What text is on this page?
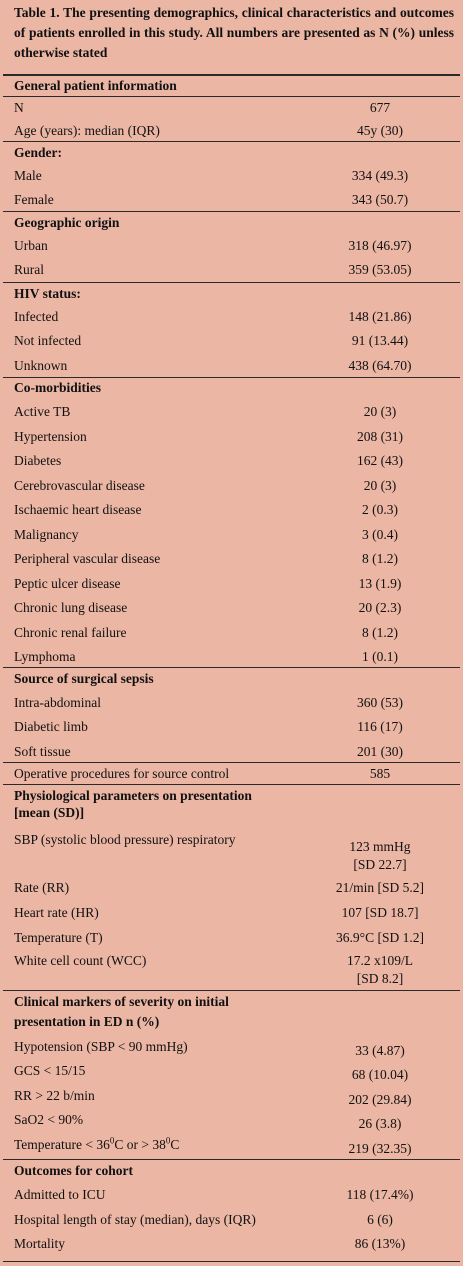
Table 1. The presenting demographics, clinical characteristics and outcomes of patients enrolled in this study. All numbers are presented as N (%) unless otherwise stated
General patient information
N	677
Age (years): median (IQR)	45y (30)
Gender:
Male	334 (49.3)
Female	343 (50.7)
Geographic origin
Urban	318 (46.97)
Rural	359 (53.05)
HIV status:
Infected	148 (21.86)
Not infected	91 (13.44)
Unknown	438 (64.70)
Co-morbidities
Active TB	20 (3)
Hypertension	208 (31)
Diabetes	162 (43)
Cerebrovascular disease	20 (3)
Ischaemic heart disease	2 (0.3)
Malignancy	3 (0.4)
Peripheral vascular disease	8 (1.2)
Peptic ulcer disease	13 (1.9)
Chronic lung disease	20 (2.3)
Chronic renal failure	8 (1.2)
Lymphoma	1 (0.1)
Source of surgical sepsis
Intra-abdominal	360 (53)
Diabetic limb	116 (17)
Soft tissue	201 (30)
Operative procedures for source control	585
Physiological parameters on presentation
[mean (SD)]
SBP (systolic blood pressure) respiratory	123 mmHg
[SD 22.7]
Rate (RR)	21/min [SD 5.2]
Heart rate (HR)	107 [SD 18.7]
Temperature (T)	36.9°C [SD 1.2]
White cell count (WCC)	17.2 x109/L
[SD 8.2]
Clinical markers of severity on initial
presentation in ED n (%)
Hypotension (SBP < 90 mmHg)	33 (4.87)
GCS < 15/15	68 (10.04)
RR > 22 b/min	202 (29.84)
SaO2 < 90%	26 (3.8)
Temperature < $36^0C$ or > $38^0C$	219 (32.35)
Outcomes for cohort
Admitted to ICU	118 (17.4%)
Hospital length of stay (median), days (IQR)	6 (6)
Mortality	86 (13%)
